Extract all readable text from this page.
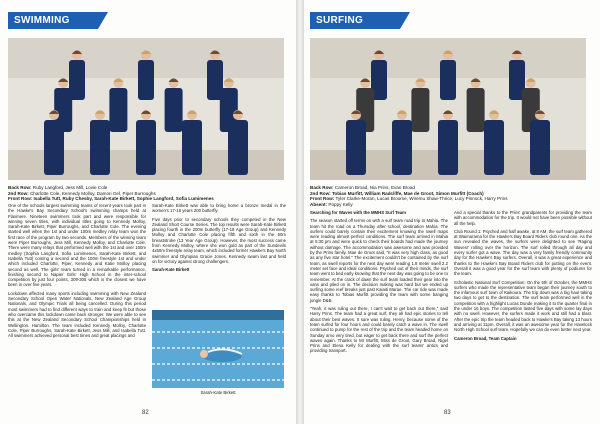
SWIMMING
Back Row: Ruby Langford, Jess Mill, Lovie Cole
2nd Row: Charlotte Cole, Kennedy Molloy, Damon Gel, Piper Burroughs
Front Row: Isabella Tutt, Ruby Chesby, Sarah-Kate Birkett, Sophie Langford, Sofia Lumimenes

One of the schools largest swimming teams of recent years took part in the Hawke's Bay Secondary School's swimming champs held at Flaxmere. Nineteen swimmers took part and were responsible for winning seven titles, with individual titles going to Kennedy Molloy, Sarah-Kate Birkett, Piper Burroughs, and Charlotte Cole. The evening started well when the 1st and under 100m medley relay team won the first race of the program by two seconds. Members of the winning team were Piper Burroughs, Jess Mill, Kennedy Molloy, and Charlotte Cole. There were many relays that performed well with the 1st and over 100m medley (Sophia Langford, Sofia Lumimenes, Sarah-Kate Birkett, and Isabella Tutt) coming a second and the 100m freestyle 1st and under which included Charlotte, Piper, Kennedy and Katie Molloy placing second as well. The girls' team turned in a remarkable performance, finishing second to Napier Girls' High School in the inter-school competition by just four points, 309-305 which is the closest we have been in over five years.

Lockdown affected many sports including swimming with New Zealand Secondary School Open Water Nationals, New Zealand Age Group Nationals, and Olympic Trials all being cancelled. During this period most swimmers had to find different ways to train and keep fit but those who overcame this lockdown came back stronger. We were able to see this at the New Zealand Secondary School Championships held in Wellington. Hamilton. The team included Kennedy Molloy, Charlotte Cole, Piper Burroughs, Sarah-Kate Birkett, Jess Mill, and Isabella Tutt. All swimmers achieved personal best times and great placings and

Sarah-Kate Birkett was able to bring home a bronze medal in the women's 17-18 years 200 butterfly.

Five days prior to secondary schools they competed in the New Zealand Short Course Series. The top results were Sarah-Kate Birkett placing fourth in the 200m butterfly (17-18 Age Group) and Kennedy Molloy and Charlotte Cole placing fifth and sixth in the 50m breaststroke (13 Year Age Group). However, the most success came from Kennedy Molloy, where she won gold as part of the Sundevils 4x50m freestyle relay team, which included former Hawke's Bay North swimmer and Olympian Gracie Jones. Kennedy swam last and held on for victory against strong challengers.

Sarah-Kate Birkett

Sarah-Kate Birkett
82
SURFING
Back Row: Cameron Broad, Nia Prins, Evan Broad
2nd Row: Tobias Murfitt, William Radcliffe, Mae de Groot, Simon Murfitt (Coach)
Front Row: Tyler Clarke-Moran, Lucas Broome, Wiremu Shaw-Thrice, Lucy Pinnock, Harry Prins
Absent: Poppy Kelly

Searching for Waves with the MMHS Surf Team

The season started off terms on with a surf team road trip to Mahia. The team hit the road on a Thursday after school, destination Mahia. The surfers could barely contain their excitement knowing the swell maps were reading almost perfect conditions. The surf team arrived in Mahia at 5:30 pm and were quick to check their boards had made the journey without damage. The accommodation was awesome and was provided by the Prins family. Mae de Groot said, "It was very high class, as good as any five star hotel." The excitement couldn't be contained by the surf team, as swell reports for the next day were reading 1.8 meter swell 2.2 meter set face and ideal conditions. Psyched out of their minds, the surf team went to bed early knowing that the next day was going to be one to remember. At the crack of dawn the surf team loaded their gear into the vans and piled on in. The decision making was hard but we ended up surfing some reef breaks just past Kaiaiti Marae. The car ride was made easy thanks to Tobias Murfitt providing the team with some banging jungle D&B.

"Yeah, it was ruling out there, I can't wait to get back out there," said Harry Prins. The team had a great surf, they all had epic stories to tell about their best waves. It sure was ruling. Henry, because some of the team surfed for four hours and could barely catch a wave in. The swell continued to pump for the rest of the trip and the team headed home on Sunday arvo very tired, but eager to get back there and surf the perfect waves again. Thanks to Mr Murfitt, Miss de Groot, Gary Broad, Nigel Prins and Elena Kelly for dealing with the surf teams' antics and providing transport.

And a special thanks to the Prins' grandparents for providing the team with accommodation for the trip. It would not have been possible without all the help.

Club Round 1: Psyched and half awake, at 8 AM, the surf team gathered at Waimarama for the Hawke's Bay Board Riders club round one. As the sun revealed the waves, the surfers were delighted to see 'Raging Waves!' rolling over the horizon. The surf rolled through all day and every surfer got a wave. The day was a very family friendly community day for the Hawke's Bay surfers. Overall, it was a great experience and thanks to the Hawke's Bay Board Riders club for putting on the event. Overall it was a good year for the surf team with plenty of podiums for the team.

Scholastic National Surf Competition: On the 5th of October, the MMHS surfers who made the representative team began their journey south to the infamous surf town of Kaikoura. The trip down was a big haul taking two days to get to the destination. The surf team performed well in the competition with a highlight Lucas Dunde making it to the quarter final in the under 16 boys. The competition lasted five days with some lay days with no swell. However, the surfers made it work and still had a blast. After the epic trip the team headed back to Hawke's Bay taking 13 hours and arriving at 11pm. Overall, it was an awesome year for the Havelock North High School surf team. Hopefully we can do even better next year.

Cameron Broad, Team Captain

83
